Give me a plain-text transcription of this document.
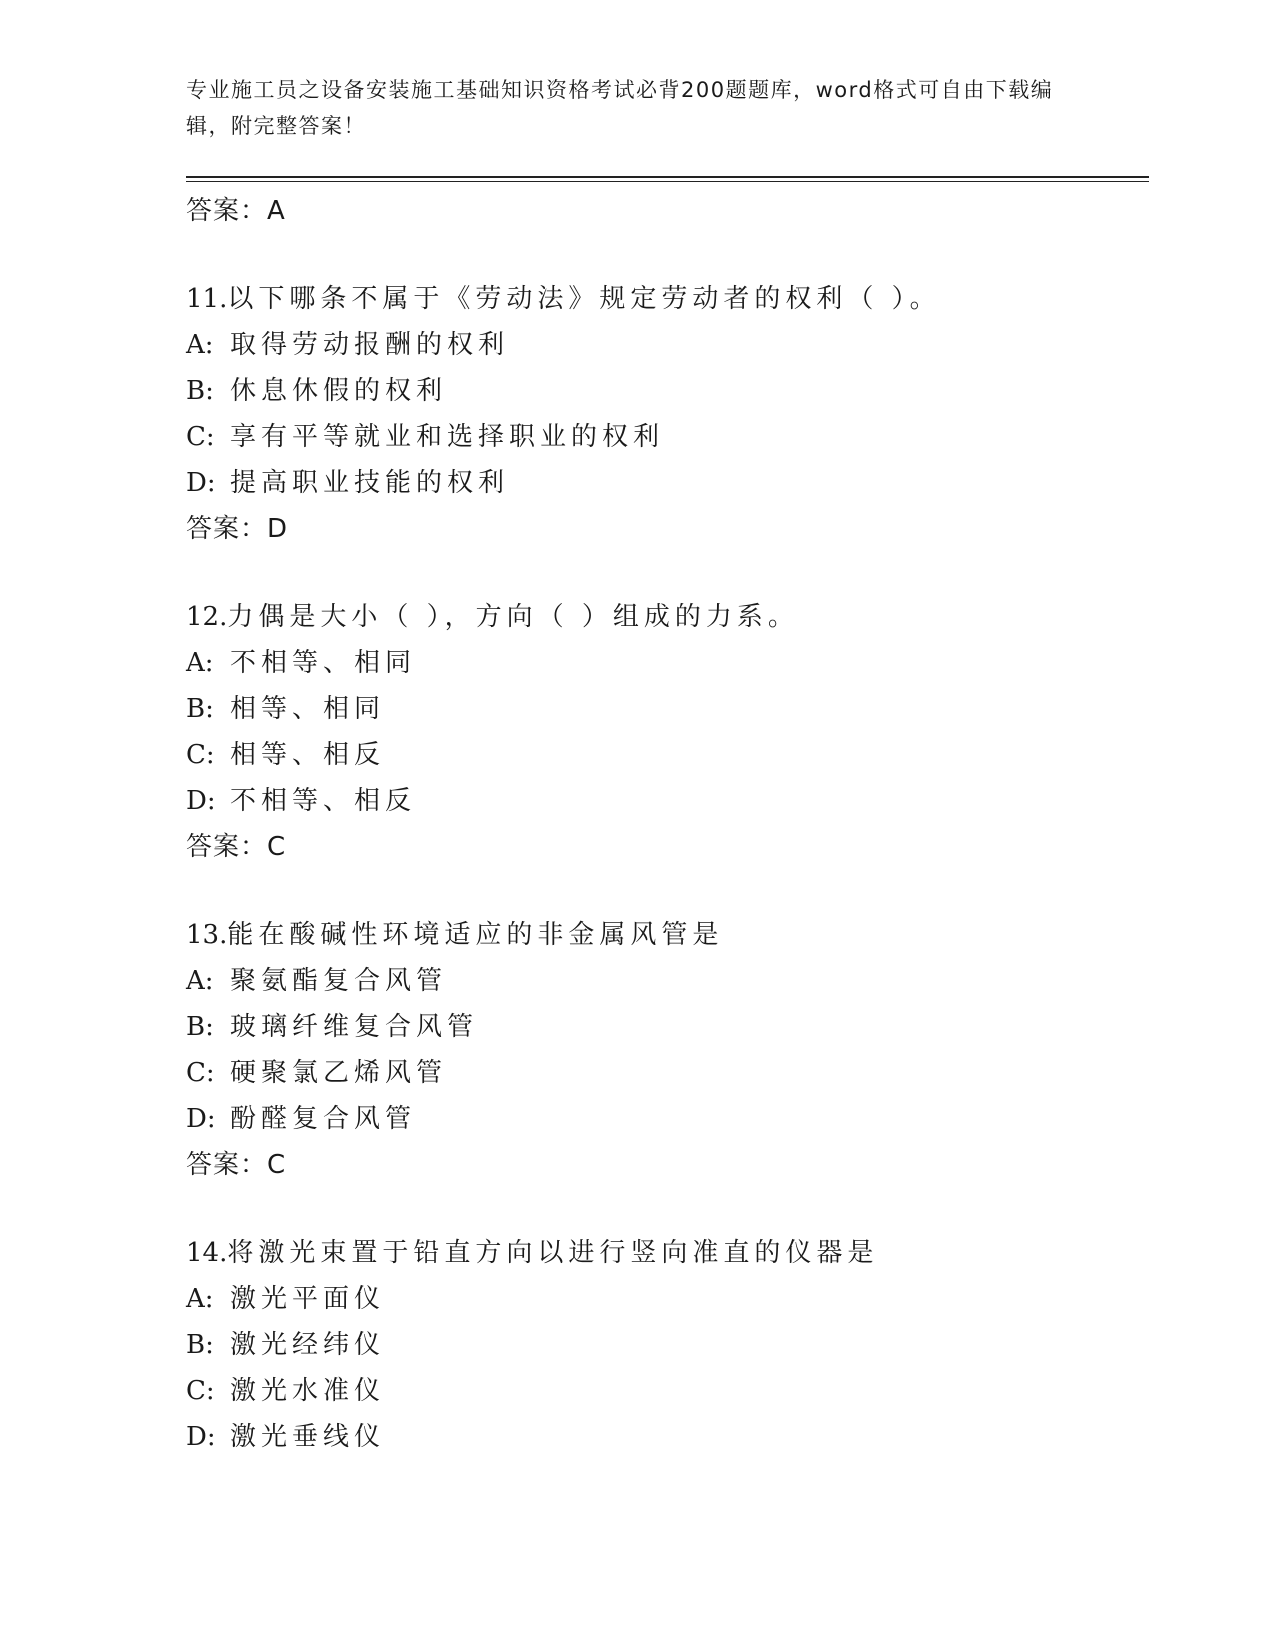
专业施工员之设备安装施工基础知识资格考试必背200题题库，word格式可自由下载编辑，附完整答案！
答案：A
11.以下哪条不属于《劳动法》规定劳动者的权利（ ）。
A: 取得劳动报酬的权利
B: 休息休假的权利
C: 享有平等就业和选择职业的权利
D: 提高职业技能的权利
答案：D
12.力偶是大小（ ），方向（ ）组成的力系。
A: 不相等、相同
B: 相等、相同
C: 相等、相反
D: 不相等、相反
答案：C
13.能在酸碱性环境适应的非金属风管是
A: 聚氨酯复合风管
B: 玻璃纤维复合风管
C: 硬聚氯乙烯风管
D: 酚醛复合风管
答案：C
14.将激光束置于铅直方向以进行竖向准直的仪器是
A: 激光平面仪
B: 激光经纬仪
C: 激光水准仪
D: 激光垂线仪
